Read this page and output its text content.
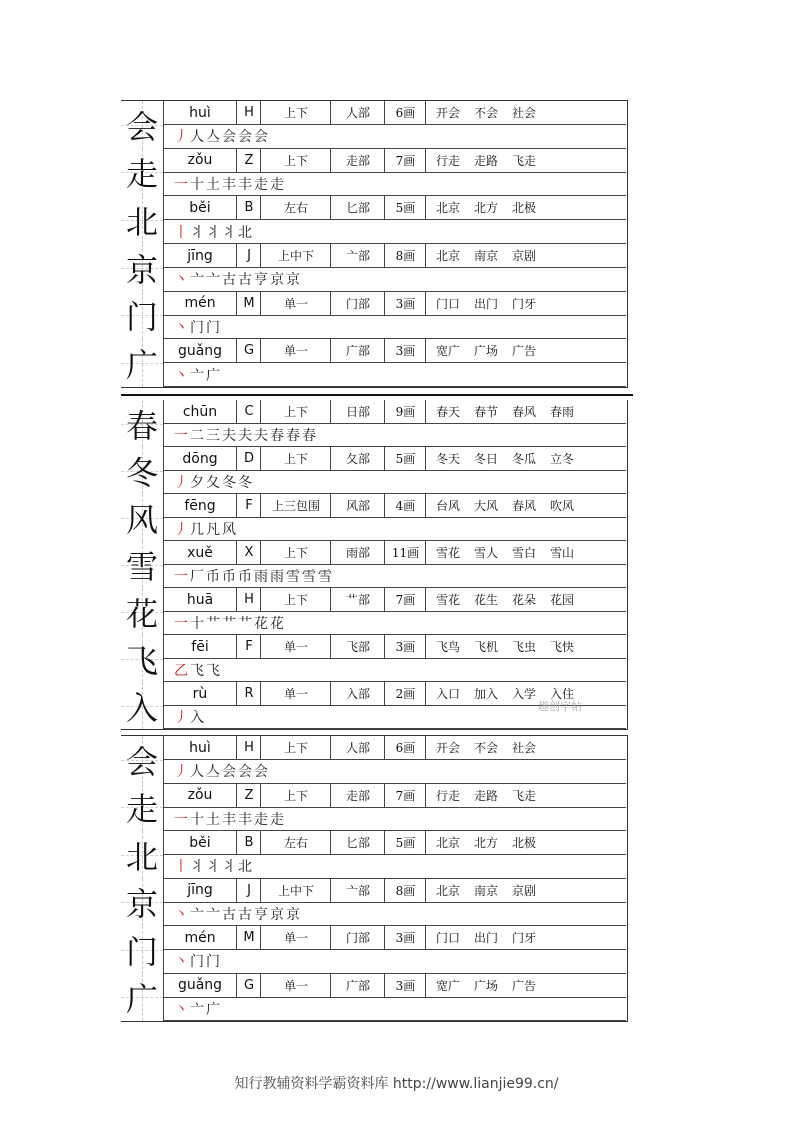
会	huì	H	上下	人部	6画	开会 不会 社会
丿 人亼会会会
走	zǒu	Z	上下	走部	7画	行走 走路 飞走
一 十土丰丰走走
北	běi	B	左右	匕部	5画	北京 北方 北极
丨 丬丬丬北
京	jīng	J	上中下	亠部	8画	北京 南京 京剧
丶 亠亠古古亨京京
门	mén	M	单一	门部	3画	门口 出门 门牙
丶 门门
广	guǎng	G	单一	广部	3画	宽广 广场 广告
丶 亠广
春	chūn	C	上下	日部	9画	春天 春节 春风 春雨
一 二三夫夫夫春春春
冬	dōng	D	上下	夂部	5画	冬天 冬日 冬瓜 立冬
丿 夕夂冬冬
风	fēng	F	上三包围	风部	4画	台风 大风 春风 吹风
丿 几凡风
雪	xuě	X	上下	雨部	11画	雪花 雪人 雪白 雪山
一 厂币币币雨雨雪雪雪
花	huā	H	上下	艹部	7画	雪花 花生 花朵 花园
一 十艹艹艹花花
飞	fēi	F	单一	飞部	3画	飞鸟 飞机 飞虫 飞快
乙 飞飞
入	rù	R	单一	入部	2画	入口 加入 入学 入住
丿 入
会	huì	H	上下	人部	6画	开会 不会 社会
丿 人亼会会会
走	zǒu	Z	上下	走部	7画	行走 走路 飞走
一 十土丰丰走走
北	běi	B	左右	匕部	5画	北京 北方 北极
丨 丬丬丬北
京	jīng	J	上中下	亠部	8画	北京 南京 京剧
丶 亠亠古古亨京京
门	mén	M	单一	门部	3画	门口 出门 门牙
丶 门门
广	guǎng	G	单一	广部	3画	宽广 广场 广告
丶 亠广
趣创字帖
知行教辅资料学霸资料库 http://www.lianjie99.cn/
